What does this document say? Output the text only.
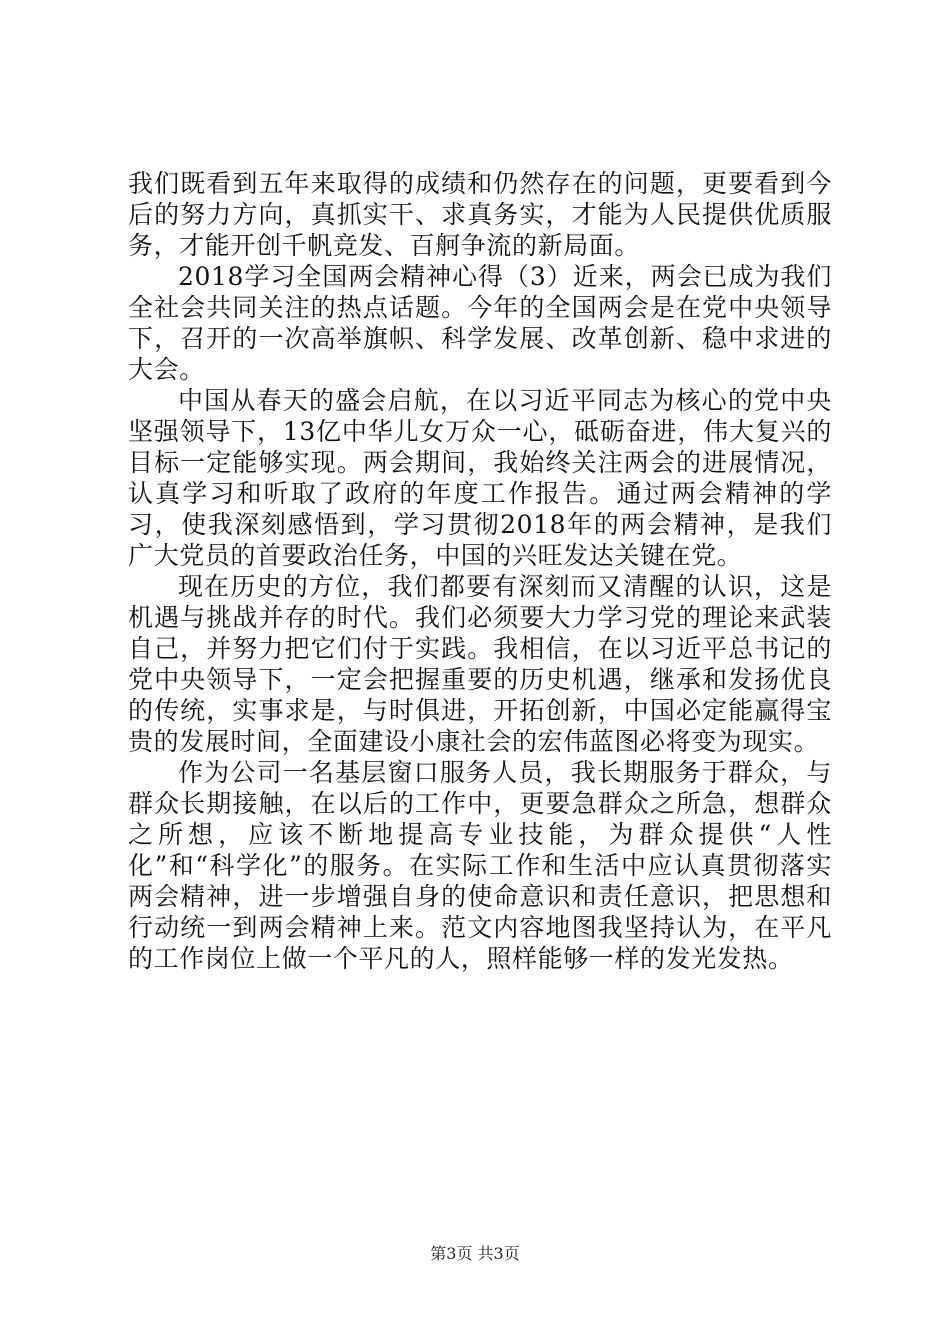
我们既看到五年来取得的成绩和仍然存在的问题，更要看到今后的努力方向，真抓实干、求真务实，才能为人民提供优质服务，才能开创千帆竞发、百舸争流的新局面。

2018学习全国两会精神心得（3）近来，两会已成为我们全社会共同关注的热点话题。今年的全国两会是在党中央领导下，召开的一次高举旗帜、科学发展、改革创新、稳中求进的大会。

中国从春天的盛会启航，在以习近平同志为核心的党中央坚强领导下，13亿中华儿女万众一心，砥砺奋进，伟大复兴的目标一定能够实现。两会期间，我始终关注两会的进展情况，认真学习和听取了政府的年度工作报告。通过两会精神的学习，使我深刻感悟到，学习贯彻2018年的两会精神，是我们广大党员的首要政治任务，中国的兴旺发达关键在党。

现在历史的方位，我们都要有深刻而又清醒的认识，这是机遇与挑战并存的时代。我们必须要大力学习党的理论来武装自己，并努力把它们付于实践。我相信，在以习近平总书记的党中央领导下，一定会把握重要的历史机遇，继承和发扬优良的传统，实事求是，与时俱进，开拓创新，中国必定能赢得宝贵的发展时间，全面建设小康社会的宏伟蓝图必将变为现实。

作为公司一名基层窗口服务人员，我长期服务于群众，与群众长期接触，在以后的工作中，更要急群众之所急，想群众之所想，应该不断地提高专业技能，为群众提供“人性化”和“科学化”的服务。在实际工作和生活中应认真贯彻落实两会精神，进一步增强自身的使命意识和责任意识，把思想和行动统一到两会精神上来。范文内容地图我坚持认为，在平凡的工作岗位上做一个平凡的人，照样能够一样的发光发热。

第3页 共3页
